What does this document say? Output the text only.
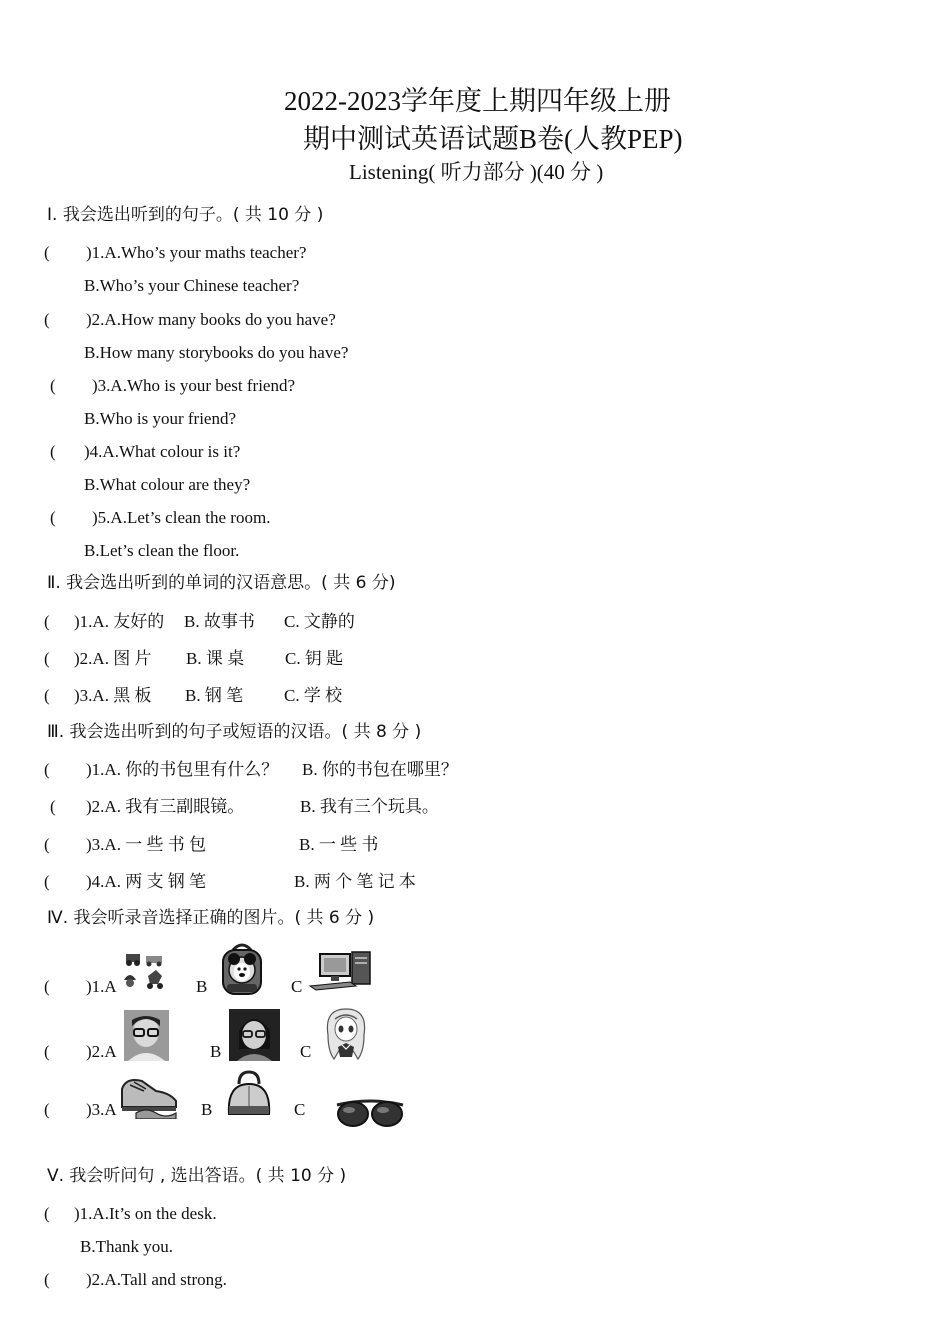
2022-2023学年度上期四年级上册
期中测试英语试题B卷(人教PEP)
Listening( 听力部分 )(40 分 )
Ⅰ. 我会选出听到的句子。( 共 10 分 )
( )1.A.Who’s your maths teacher?
B.Who’s your Chinese teacher?
( )2.A.How many books do you have?
B.How many storybooks do you have?
( )3.A.Who is your best friend?
B.Who is your friend?
( )4.A.What colour is it?
B.What colour are they?
( )5.A.Let’s clean the room.
B.Let’s clean the floor.
Ⅱ. 我会选出听到的单词的汉语意思。( 共 6 分)
( )1.A. 友好的 B. 故事书 C. 文静的
( )2.A. 图 片 B. 课 桌 C. 钥 匙
( )3.A. 黑 板 B. 钢 笔 C. 学 校
Ⅲ. 我会选出听到的句子或短语的汉语。( 共 8 分 )
( )1.A. 你的书包里有什么？ B. 你的书包在哪里？
( )2.A. 我有三副眼镜。	B. 我有三个玩具。
( )3.A. 一 些 书 包	B. 一 些 书
( )4.A. 两 支 钢 笔	B. 两 个 笔 记 本
Ⅳ. 我会听录音选择正确的图片。( 共 6 分 )
( )1.A	B	C
( )2.A	B	C
( )3.A	B	C
Ⅴ. 我会听问句 , 选出答语。( 共 10 分 )
( )1.A.It’s on the desk.
B.Thank you.
( )2.A.Tall and strong.
